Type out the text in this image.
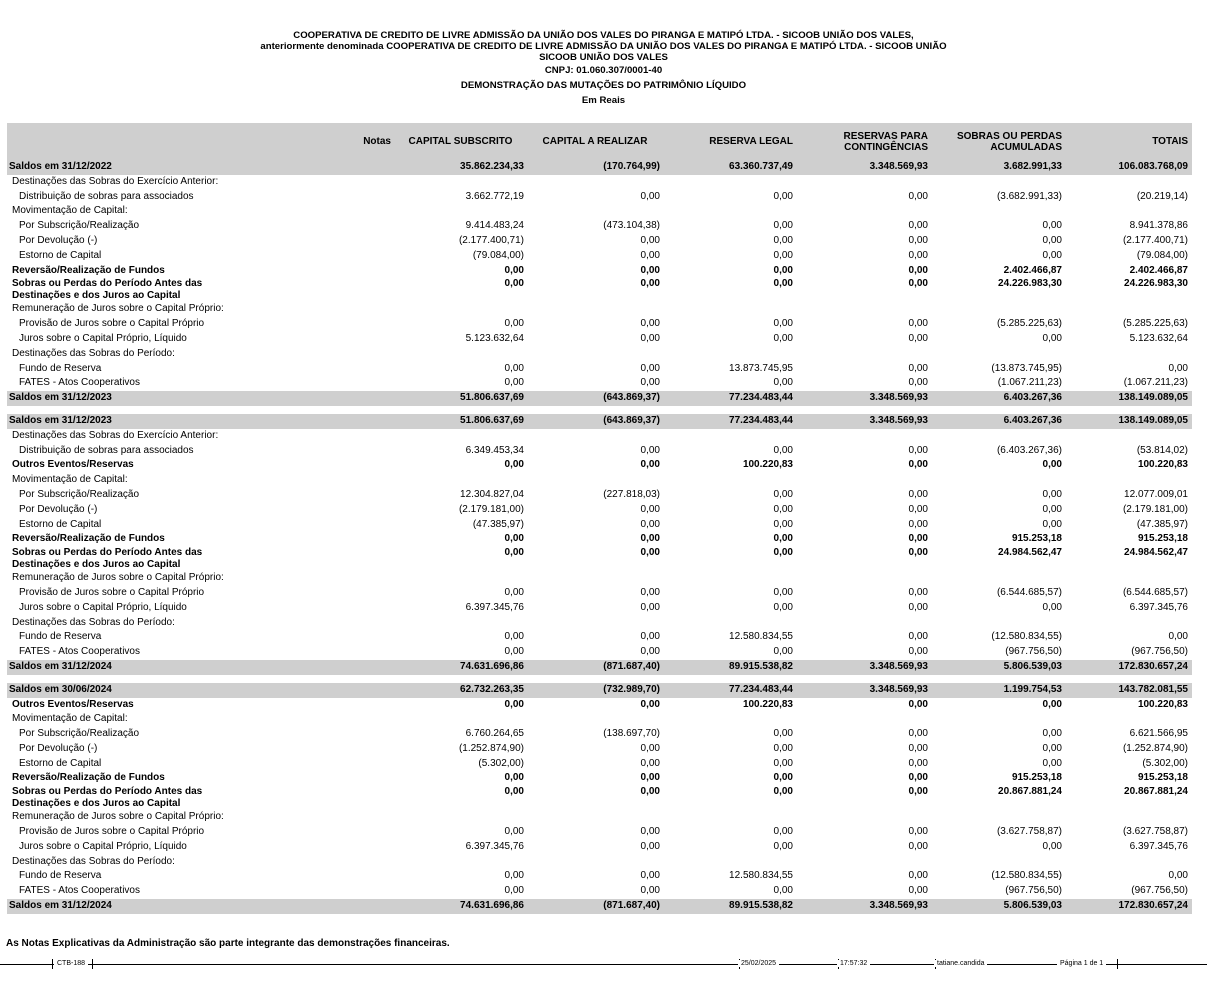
COOPERATIVA DE CREDITO DE LIVRE ADMISSÃO DA UNIÃO DOS VALES DO PIRANGA E MATIPÓ LTDA. - SICOOB UNIÃO DOS VALES,
anteriormente denominada COOPERATIVA DE CREDITO DE LIVRE ADMISSÃO DA UNIÃO DOS VALES DO PIRANGA E MATIPÓ LTDA. - SICOOB UNIÃO
SICOOB UNIÃO DOS VALES
CNPJ: 01.060.307/0001-40
DEMONSTRAÇÃO DAS MUTAÇÕES DO PATRIMÔNIO LÍQUIDO
Em Reais
	Notas	CAPITAL SUBSCRITO	CAPITAL A REALIZAR	RESERVA LEGAL	RESERVAS PARA CONTINGÊNCIAS	SOBRAS OU PERDAS ACUMULADAS	TOTAIS
Saldos em 31/12/2022		35.862.234,33	(170.764,99)	63.360.737,49	3.348.569,93	3.682.991,33	106.083.768,09
Destinações das Sobras do Exercício Anterior:							
Distribuição de sobras para associados		3.662.772,19	0,00	0,00	0,00	(3.682.991,33)	(20.219,14)
Movimentação de Capital:							
Por Subscrição/Realização		9.414.483,24	(473.104,38)	0,00	0,00	0,00	8.941.378,86
Por Devolução (-)		(2.177.400,71)	0,00	0,00	0,00	0,00	(2.177.400,71)
Estorno de Capital		(79.084,00)	0,00	0,00	0,00	0,00	(79.084,00)
Reversão/Realização de Fundos		0,00	0,00	0,00	0,00	2.402.466,87	2.402.466,87

Sobras ou Perdas do Período Antes das
Destinações e dos Juros ao Capital		0,00	0,00	0,00	0,00	24.226.983,30	24.226.983,30
Remuneração de Juros sobre o Capital Próprio:							
Provisão de Juros sobre o Capital Próprio		0,00	0,00	0,00	0,00	(5.285.225,63)	(5.285.225,63)
Juros sobre o Capital Próprio, Líquido		5.123.632,64	0,00	0,00	0,00	0,00	5.123.632,64
Destinações das Sobras do Período:							
Fundo de Reserva		0,00	0,00	13.873.745,95	0,00	(13.873.745,95)	0,00
FATES - Atos Cooperativos		0,00	0,00	0,00	0,00	(1.067.211,23)	(1.067.211,23)
Saldos em 31/12/2023		51.806.637,69	(643.869,37)	77.234.483,44	3.348.569,93	6.403.267,36	138.149.089,05

Saldos em 31/12/2023		51.806.637,69	(643.869,37)	77.234.483,44	3.348.569,93	6.403.267,36	138.149.089,05
Destinações das Sobras do Exercício Anterior:							
Distribuição de sobras para associados		6.349.453,34	0,00	0,00	0,00	(6.403.267,36)	(53.814,02)
Outros Eventos/Reservas		0,00	0,00	100.220,83	0,00	0,00	100.220,83
Movimentação de Capital:							
Por Subscrição/Realização		12.304.827,04	(227.818,03)	0,00	0,00	0,00	12.077.009,01
Por Devolução (-)		(2.179.181,00)	0,00	0,00	0,00	0,00	(2.179.181,00)
Estorno de Capital		(47.385,97)	0,00	0,00	0,00	0,00	(47.385,97)
Reversão/Realização de Fundos		0,00	0,00	0,00	0,00	915.253,18	915.253,18

Sobras ou Perdas do Período Antes das
Destinações e dos Juros ao Capital		0,00	0,00	0,00	0,00	24.984.562,47	24.984.562,47
Remuneração de Juros sobre o Capital Próprio:							
Provisão de Juros sobre o Capital Próprio		0,00	0,00	0,00	0,00	(6.544.685,57)	(6.544.685,57)
Juros sobre o Capital Próprio, Líquido		6.397.345,76	0,00	0,00	0,00	0,00	6.397.345,76
Destinações das Sobras do Período:							
Fundo de Reserva		0,00	0,00	12.580.834,55	0,00	(12.580.834,55)	0,00
FATES - Atos Cooperativos		0,00	0,00	0,00	0,00	(967.756,50)	(967.756,50)
Saldos em 31/12/2024		74.631.696,86	(871.687,40)	89.915.538,82	3.348.569,93	5.806.539,03	172.830.657,24

Saldos em 30/06/2024		62.732.263,35	(732.989,70)	77.234.483,44	3.348.569,93	1.199.754,53	143.782.081,55
Outros Eventos/Reservas		0,00	0,00	100.220,83	0,00	0,00	100.220,83
Movimentação de Capital:							
Por Subscrição/Realização		6.760.264,65	(138.697,70)	0,00	0,00	0,00	6.621.566,95
Por Devolução (-)		(1.252.874,90)	0,00	0,00	0,00	0,00	(1.252.874,90)
Estorno de Capital		(5.302,00)	0,00	0,00	0,00	0,00	(5.302,00)
Reversão/Realização de Fundos		0,00	0,00	0,00	0,00	915.253,18	915.253,18

Sobras ou Perdas do Período Antes das
Destinações e dos Juros ao Capital		0,00	0,00	0,00	0,00	20.867.881,24	20.867.881,24
Remuneração de Juros sobre o Capital Próprio:							
Provisão de Juros sobre o Capital Próprio		0,00	0,00	0,00	0,00	(3.627.758,87)	(3.627.758,87)
Juros sobre o Capital Próprio, Líquido		6.397.345,76	0,00	0,00	0,00	0,00	6.397.345,76
Destinações das Sobras do Período:							
Fundo de Reserva		0,00	0,00	12.580.834,55	0,00	(12.580.834,55)	0,00
FATES - Atos Cooperativos		0,00	0,00	0,00	0,00	(967.756,50)	(967.756,50)
Saldos em 31/12/2024		74.631.696,86	(871.687,40)	89.915.538,82	3.348.569,93	5.806.539,03	172.830.657,24
As Notas Explicativas da Administração são parte integrante das demonstrações financeiras.
CTB-188	25/02/2025	17:57:32	tatiane.candida	Página 1 de 1
